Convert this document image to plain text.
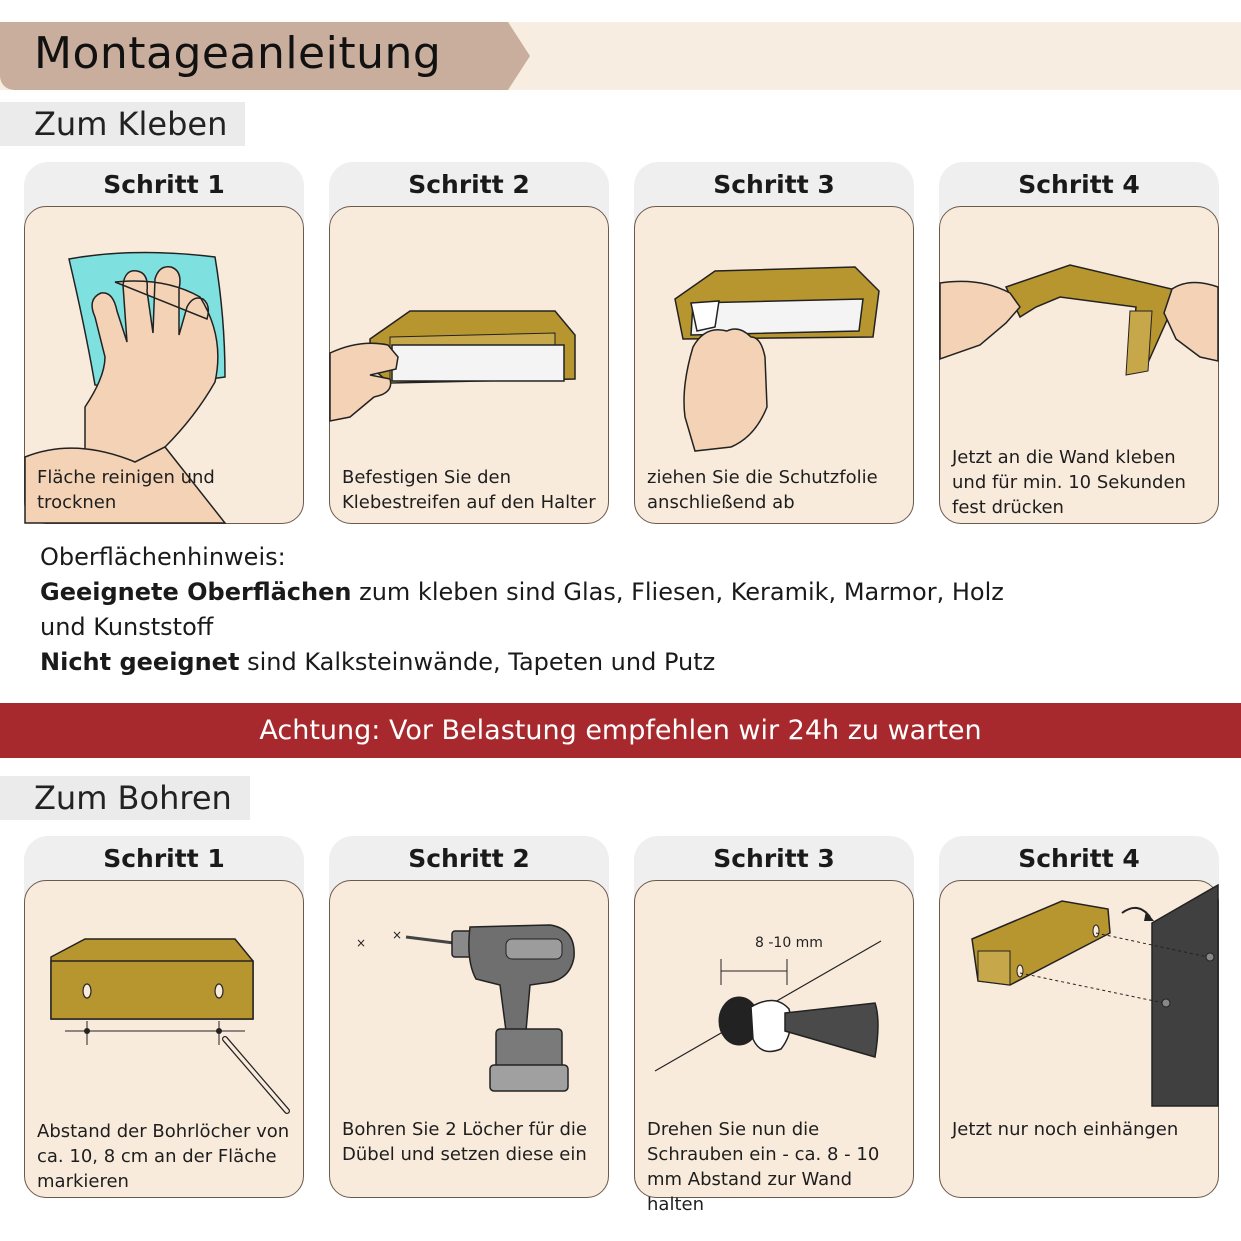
Montageanleitung
Zum Kleben
Schritt 1
Fläche reinigen und trocknen
Schritt 2
Befestigen Sie den Klebestreifen auf den Halter
Schritt 3
ziehen Sie die Schutzfolie anschließend ab
Schritt 4
Jetzt an die Wand kleben und für min. 10 Sekunden fest drücken
Oberflächenhinweis:
Geeignete Oberflächen zum kleben sind Glas, Fliesen, Keramik, Marmor, Holz und Kunststoff
Nicht geeignet sind Kalksteinwände, Tapeten und Putz
Achtung: Vor Belastung empfehlen wir 24h zu warten
Zum Bohren
Schritt 1
Abstand der Bohrlöcher von ca. 10, 8 cm an der Fläche markieren
Schritt 2
×
×
Bohren Sie 2 Löcher für die Dübel und setzen diese ein
Schritt 3
8 -10 mm
Drehen Sie nun die Schrauben ein - ca. 8 - 10 mm Abstand zur Wand halten
Schritt 4
Jetzt nur noch einhängen
